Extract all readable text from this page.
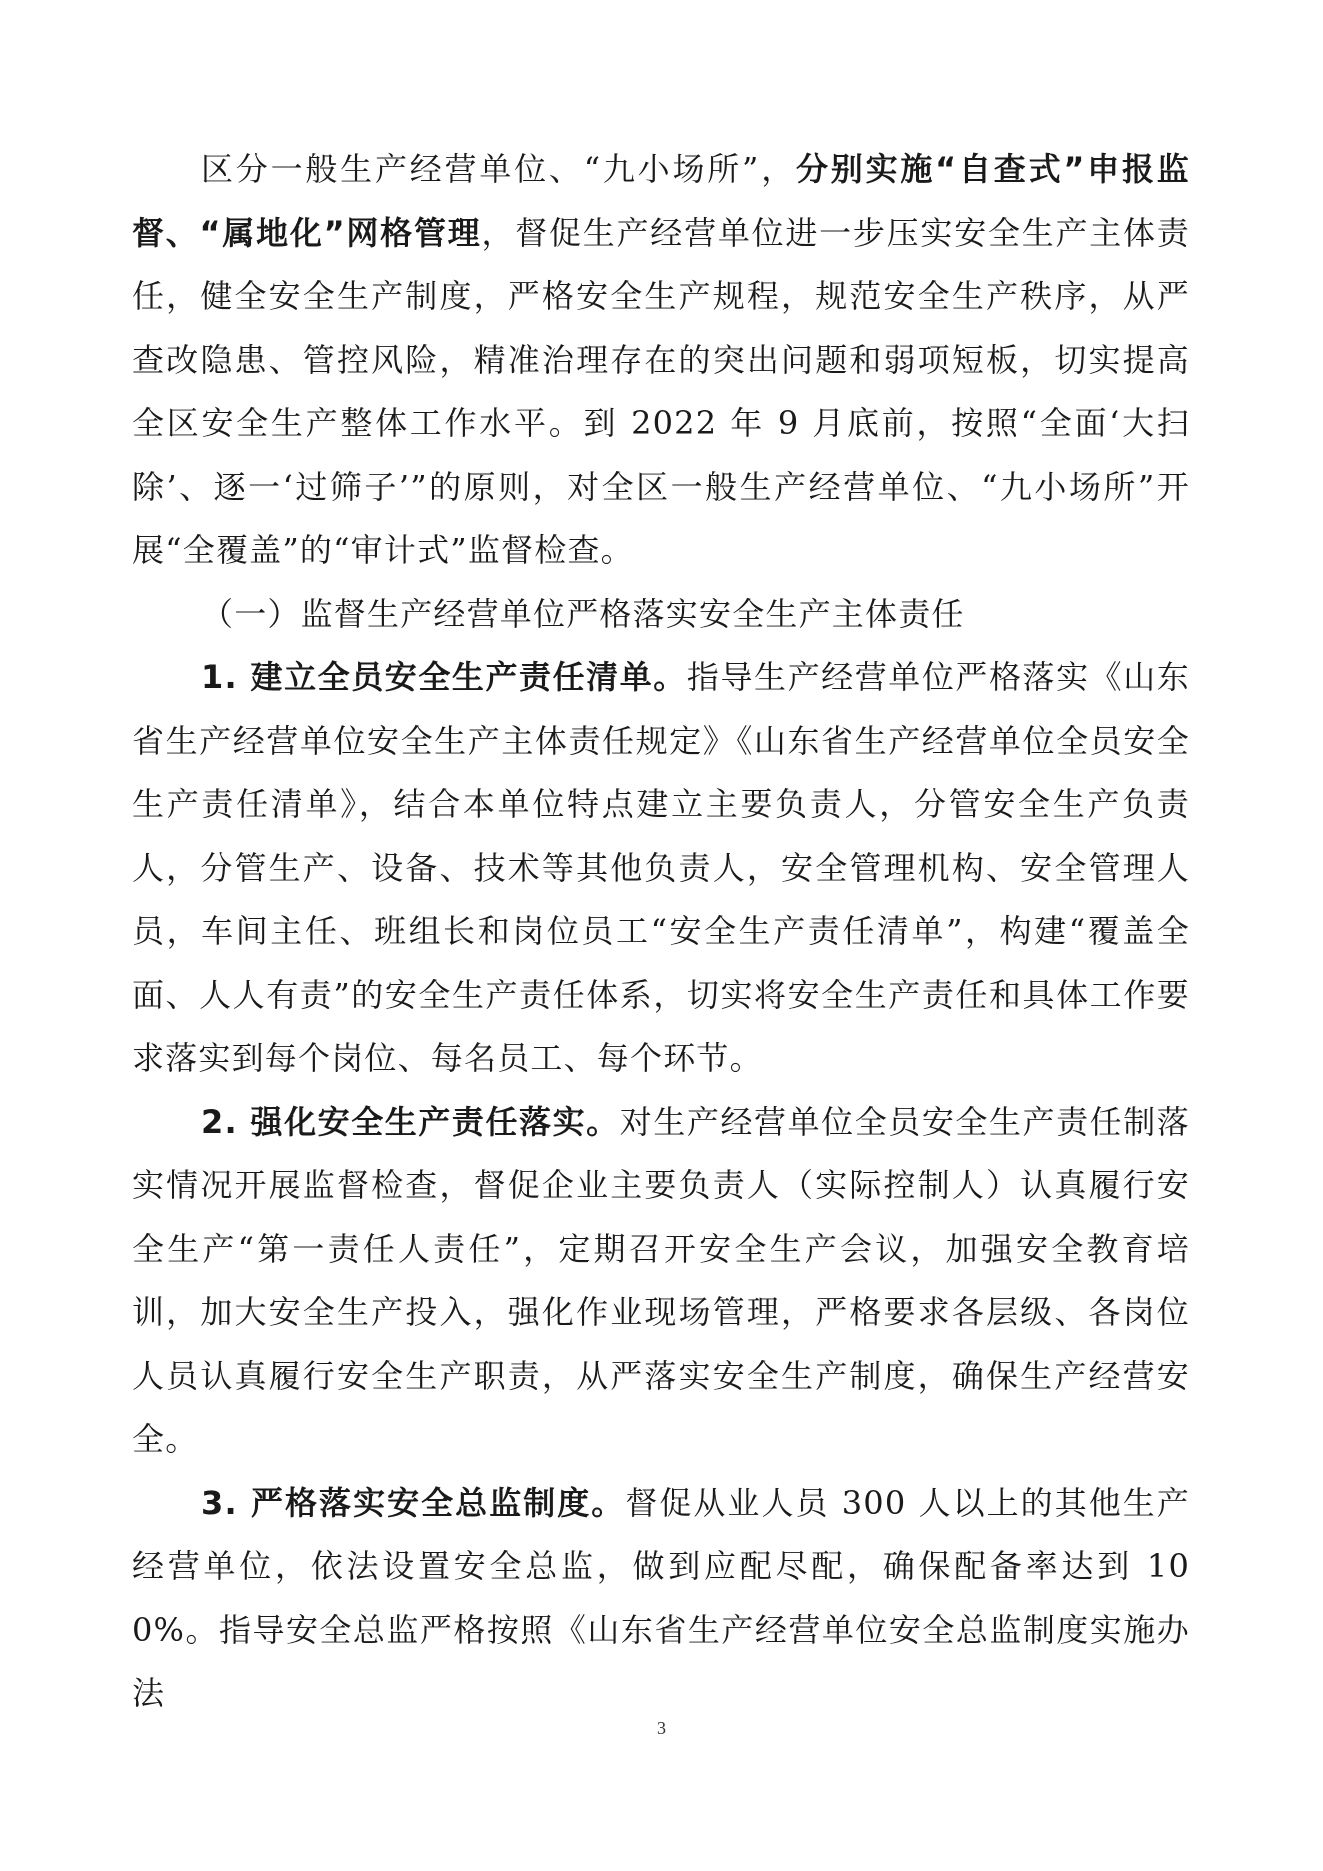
区分一般生产经营单位、“九小场所”，分别实施“自查式”申报监督、“属地化”网格管理，督促生产经营单位进一步压实安全生产主体责任，健全安全生产制度，严格安全生产规程，规范安全生产秩序，从严查改隐患、管控风险，精准治理存在的突出问题和弱项短板，切实提高全区安全生产整体工作水平。到 2022 年 9 月底前，按照“全面‘大扫除’、逐一‘过筛子’”的原则，对全区一般生产经营单位、“九小场所”开展“全覆盖”的“审计式”监督检查。

（一）监督生产经营单位严格落实安全生产主体责任

1. 建立全员安全生产责任清单。指导生产经营单位严格落实《山东省生产经营单位安全生产主体责任规定》《山东省生产经营单位全员安全生产责任清单》，结合本单位特点建立主要负责人，分管安全生产负责人，分管生产、设备、技术等其他负责人，安全管理机构、安全管理人员，车间主任、班组长和岗位员工“安全生产责任清单”，构建“覆盖全面、人人有责”的安全生产责任体系，切实将安全生产责任和具体工作要求落实到每个岗位、每名员工、每个环节。

2. 强化安全生产责任落实。对生产经营单位全员安全生产责任制落实情况开展监督检查，督促企业主要负责人（实际控制人）认真履行安全生产“第一责任人责任”，定期召开安全生产会议，加强安全教育培训，加大安全生产投入，强化作业现场管理，严格要求各层级、各岗位人员认真履行安全生产职责，从严落实安全生产制度，确保生产经营安全。

3. 严格落实安全总监制度。督促从业人员 300 人以上的其他生产经营单位，依法设置安全总监，做到应配尽配，确保配备率达到 100%。指导安全总监严格按照《山东省生产经营单位安全总监制度实施办法

3
